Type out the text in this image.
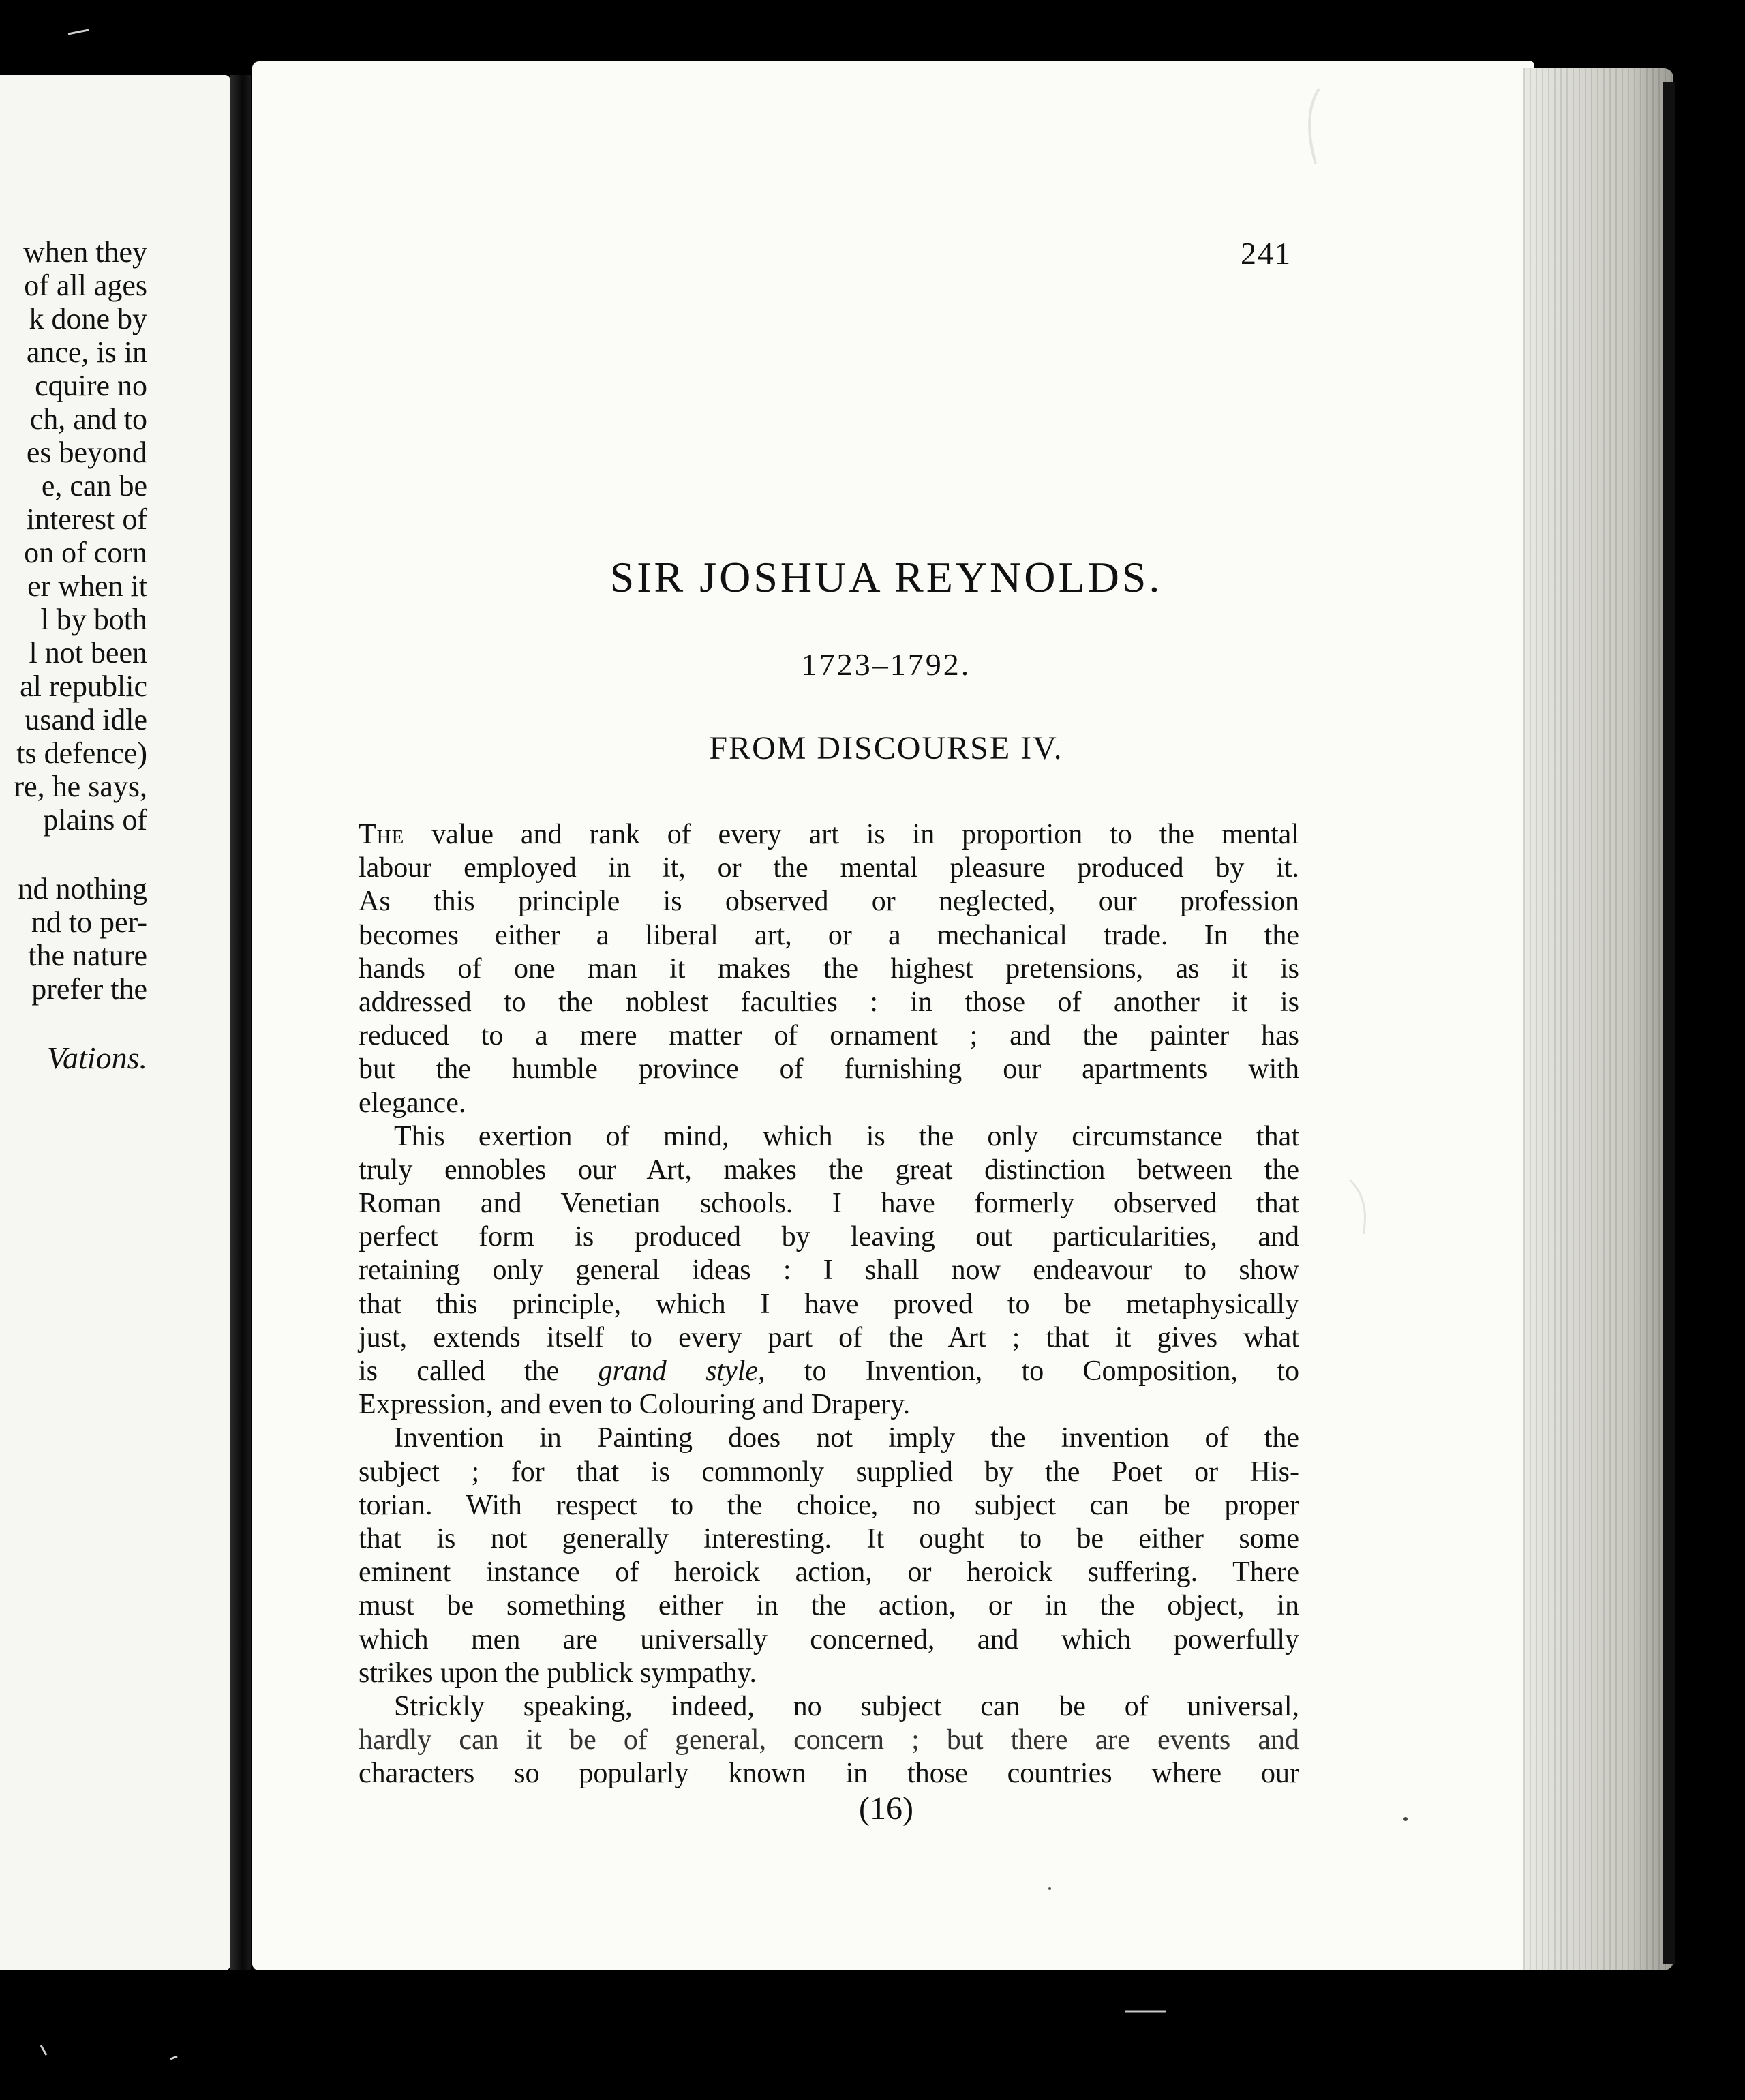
when they
of all ages
k done by
ance, is in
cquire no
ch, and to
es beyond
e, can be
interest of
on of corn
er when it
l by both
l not been
al republic
usand idle
ts defence)
re, he says,
plains of
nd nothing
nd to per-
the nature
prefer the
Vations.
241
SIR JOSHUA REYNOLDS.
1723–1792.
FROM DISCOURSE IV.
The value and rank of every art is in proportion to the mental
labour employed in it, or the mental pleasure produced by it.
As this principle is observed or neglected, our profession
becomes either a liberal art, or a mechanical trade. In the
hands of one man it makes the highest pretensions, as it is
addressed to the noblest faculties : in those of another it is
reduced to a mere matter of ornament ; and the painter has
but the humble province of furnishing our apartments with
elegance.
This exertion of mind, which is the only circumstance that
truly ennobles our Art, makes the great distinction between the
Roman and Venetian schools. I have formerly observed that
perfect form is produced by leaving out particularities, and
retaining only general ideas : I shall now endeavour to show
that this principle, which I have proved to be metaphysically
just, extends itself to every part of the Art ; that it gives what
is called the grand style, to Invention, to Composition, to
Expression, and even to Colouring and Drapery.
Invention in Painting does not imply the invention of the
subject ; for that is commonly supplied by the Poet or His-
torian. With respect to the choice, no subject can be proper
that is not generally interesting. It ought to be either some
eminent instance of heroick action, or heroick suffering. There
must be something either in the action, or in the object, in
which men are universally concerned, and which powerfully
strikes upon the publick sympathy.
Strickly speaking, indeed, no subject can be of universal,
hardly can it be of general, concern ; but there are events and
characters so popularly known in those countries where our
(16)
